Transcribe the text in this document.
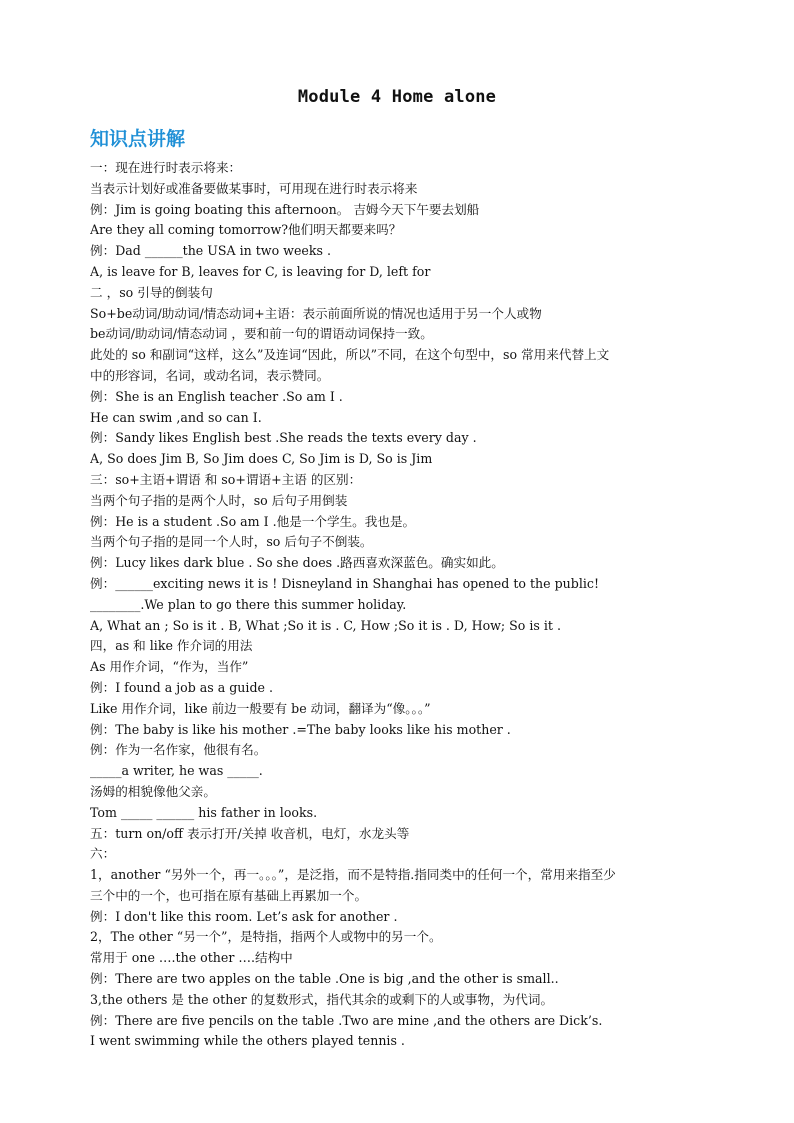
Module 4 Home alone
知识点讲解
一：现在进行时表示将来：
当表示计划好或准备要做某事时，可用现在进行时表示将来
例：Jim is going boating this afternoon。 吉姆今天下午要去划船
Are they all coming tomorrow?他们明天都要来吗？
例：Dad ______the USA in two weeks .
A, is leave for B, leaves for C, is leaving for D, left for
二 ，so 引导的倒装句
So+be动词/助动词/情态动词+主语：表示前面所说的情况也适用于另一个人或物
be动词/助动词/情态动词 ，要和前一句的谓语动词保持一致。
此处的 so 和副词“这样，这么”及连词“因此，所以”不同，在这个句型中，so 常用来代替上文
中的形容词，名词，或动名词，表示赞同。
例：She is an English teacher .So am I .
He can swim ,and so can I.
例：Sandy likes English best .She reads the texts every day .
A, So does Jim B, So Jim does C, So Jim is D, So is Jim
三：so+主语+谓语 和 so+谓语+主语 的区别：
当两个句子指的是两个人时，so 后句子用倒装
例：He is a student .So am I .他是一个学生。我也是。
当两个句子指的是同一个人时，so 后句子不倒装。
例：Lucy likes dark blue . So she does .路西喜欢深蓝色。确实如此。
例：______exciting news it is ! Disneyland in Shanghai has opened to the public!
________.We plan to go there this summer holiday.
A, What an ; So is it . B, What ;So it is . C, How ;So it is . D, How; So is it .
四，as 和 like 作介词的用法
As 用作介词，“作为，当作”
例：I found a job as a guide .
Like 用作介词，like 前边一般要有 be 动词，翻译为“像。。。”
例：The baby is like his mother .=The baby looks like his mother .
例：作为一名作家，他很有名。
_____a writer, he was _____.
汤姆的相貌像他父亲。
Tom _____ ______ his father in looks.
五：turn on/off 表示打开/关掉 收音机，电灯，水龙头等
六：
1，another “另外一个，再一。。。”，是泛指，而不是特指.指同类中的任何一个，常用来指至少
三个中的一个，也可指在原有基础上再累加一个。
例：I don't like this room. Let’s ask for another .
2，The other “另一个”，是特指，指两个人或物中的另一个。
常用于 one ….the other ….结构中
例：There are two apples on the table .One is big ,and the other is small..
3,the others 是 the other 的复数形式，指代其余的或剩下的人或事物，为代词。
例：There are five pencils on the table .Two are mine ,and the others are Dick’s.
I went swimming while the others played tennis .
